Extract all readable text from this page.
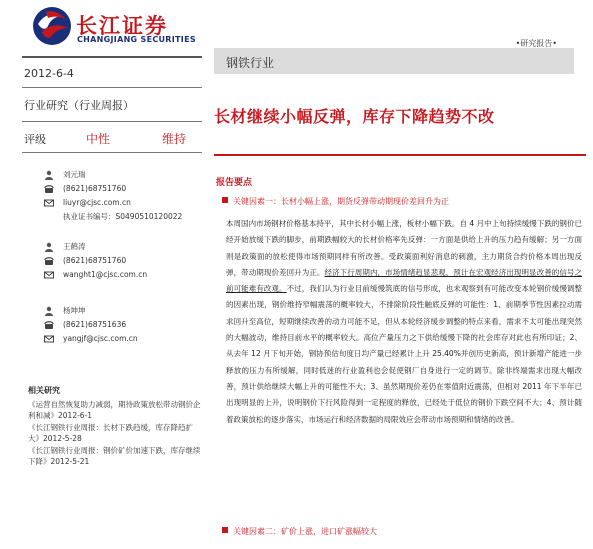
长江证券
CHANGJIANG SECURITIES	•研究报告•
2012-6-4
行业研究（行业周报）
评级	中性	维持
刘元瑞
(8621)68751760
liuyr@cjsc.com.cn
执业证书编号：S0490510120022
王鹤涛
(8621)68751760
wanght1@cjsc.com.cn
杨坤坤
(8621)68751636
yangjf@cjsc.com.cn
相关研究
《运营自然恢复助力减弱，期待政策放松带动钢价企利和减》2012-6-1
《长江钢铁行业周报：长材下跌趋缓，库存降趋扩大》2012-5-28
《长江钢铁行业周报：钢价矿价加速下跌，库存继续下降》2012-5-21
钢铁行业
长材继续小幅反弹，库存下降趋势不改
报告要点
关键因素一：长材小幅上涨，期货反弹带动期现价差回升为正
本周国内市场钢材价格基本持平，其中长材小幅上涨，板材小幅下跌。自 4 月中上旬持续缓慢下跌的钢价已经开始放缓下跌的脚步，前期跌幅较大的长材价格率先反弹：一方面是供给上升的压力趋有缓解；另一方面则是政策面的放松使得市场预期同样有所改善。受政策面利好消息的刺激，主力期货合约价格本周出现反弹，带动期现价差回升为正。经济下行周期内，市场情绪趋显悲观，预计在宏观经济出现明显改善的信号之前可能难有改观。不过，我们认为行业目前缓慢筑底的信号形成，也未观察到有可能改变本轮钢价缓慢调整的因素出现，钢价维持窄幅震荡的概率较大，不排除阶段性触底反弹的可能性：1、前期季节性因素拉动需求回升至高位，短期继续改善的动力可能不足，但从本轮经济缓步调整的特点来看，需求不太可能出现突然的大幅波动，维持目前水平的概率较大。高位产量压力之下供给缓慢下降的社会库存对此也有所印证；2、从去年 12 月下旬开始，钢协预估旬度日均产量已经累计上升 25.40%并创历史新高，预计新增产能进一步释放的压力有所缓解，同时低迷的行业盈利也会促使钢厂自身进行一定的调节。除非终端需求出现大幅改善，预计供给继续大幅上升的可能性不大；3、虽然期现价差仍在零值附近震荡，但相对 2011 年下半年已出现明显的上升，说明钢价下行风险得到一定程度的释放，已经处于低位的钢价下跌空间不大；4、预计随着政策放松的逐步落实，市场运行和经济数据的局限效应会带动市场预期和情绪的改善。
关键因素二：矿价上涨，进口矿涨幅较大
